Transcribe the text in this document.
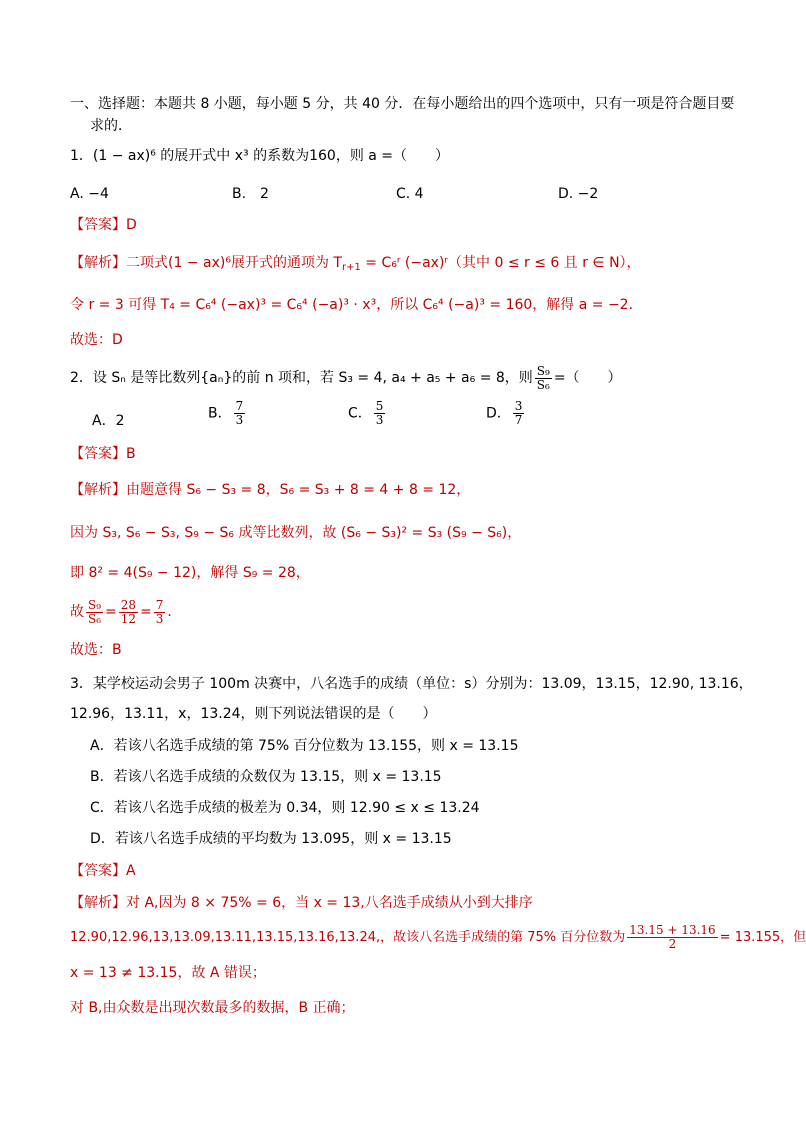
一、选择题：本题共 8 小题，每小题 5 分，共 40 分．在每小题给出的四个选项中，只有一项是符合题目要
求的．
1．(1 − ax)⁶ 的展开式中 x³ 的系数为160，则 a =（　　）
A. −4	B.　2	C. 4	D. −2
【答案】D
【解析】二项式(1 − ax)⁶展开式的通项为 $T_{r+1}$ = C₆ʳ (−ax)ʳ（其中 0 ≤ r ≤ 6 且 r ∈ N），
令 r = 3 可得 T₄ = C₆⁴ (−ax)³ = C₆⁴ (−a)³ · x³，所以 C₆⁴ (−a)³ = 160，解得 a = −2．
故选：D
2．设 Sₙ 是等比数列{aₙ}的前 n 项和，若 S₃ = 4, a₄ + a₅ + a₆ = 8，则 $\frac{\text{S₉}}{\text{S₆}}$ =（　　）
A．2	B． $\frac{7}{3}$	C． $\frac{5}{3}$	D． $\frac{3}{7}$
【答案】B
【解析】由题意得 S₆ − S₃ = 8，S₆ = S₃ + 8 = 4 + 8 = 12，
因为 S₃, S₆ − S₃, S₉ − S₆ 成等比数列，故 (S₆ − S₃)² = S₃ (S₉ − S₆)，
即 8² = 4(S₉ − 12)，解得 S₉ = 28，
故 $\frac{\text{S₉}}{\text{S₆}} = \frac{28}{12} = \frac{7}{3}$ ．
故选：B
3．某学校运动会男子 100m 决赛中，八名选手的成绩（单位：s）分别为：13.09，13.15，12.90, 13.16，
12.96，13.11，x，13.24，则下列说法错误的是（　　）
A．若该八名选手成绩的第 75% 百分位数为 13.155，则 x = 13.15
B．若该八名选手成绩的众数仅为 13.15，则 x = 13.15
C．若该八名选手成绩的极差为 0.34，则 12.90 ≤ x ≤ 13.24
D．若该八名选手成绩的平均数为 13.095，则 x = 13.15
【答案】A
【解析】对 A,因为 8 × 75% = 6，当 x = 13,八名选手成绩从小到大排序
12.90,12.96,13,13.09,13.11,13.15,13.16,13.24,，故该八名选手成绩的第 75% 百分位数为 $\frac{13.15 + 13.16}{2} = 13.155$，但
x = 13 ≠ 13.15，故 A 错误；
对 B,由众数是出现次数最多的数据，B 正确；
